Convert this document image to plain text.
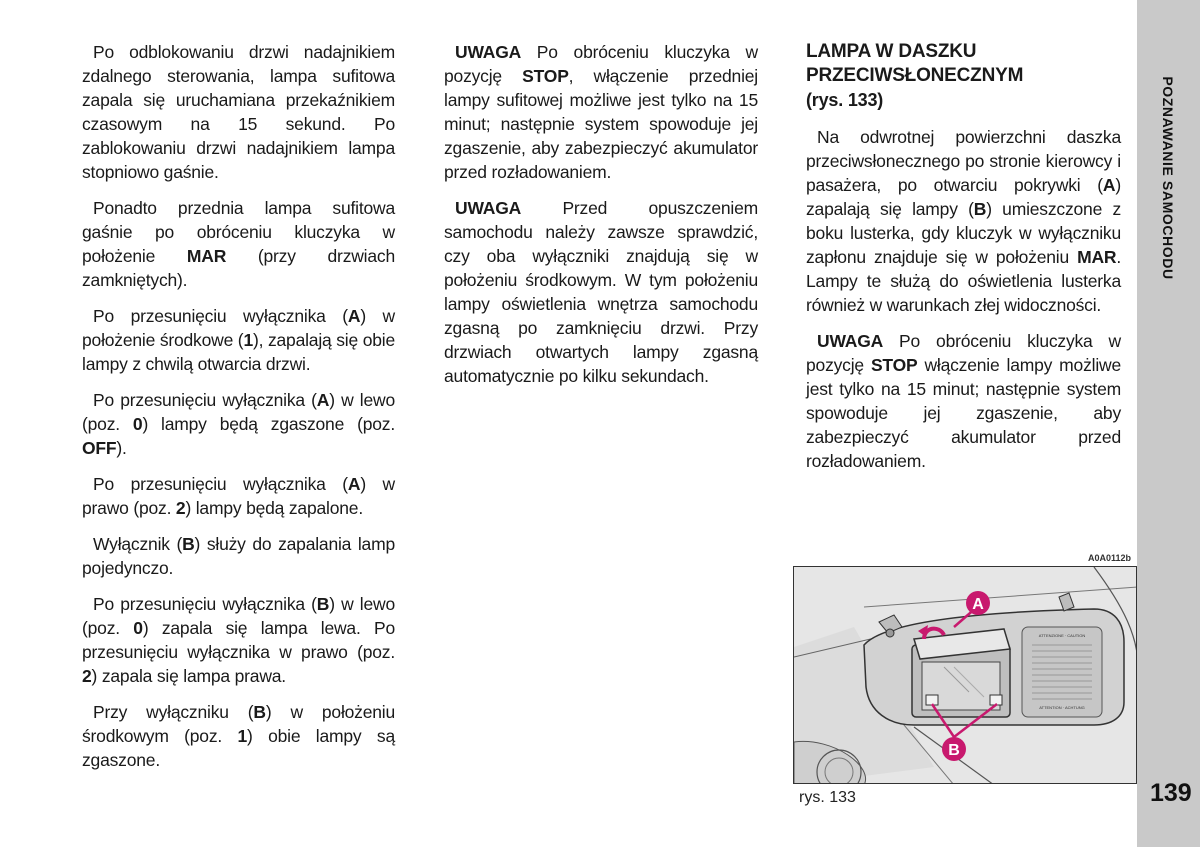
Po odblokowaniu drzwi nadajnikiem zdalnego sterowania, lampa sufitowa zapala się uruchamiana przekaźnikiem czasowym na 15 sekund. Po zablokowaniu drzwi nadajnikiem lampa stopniowo gaśnie.

Ponadto przednia lampa sufitowa gaśnie po obróceniu kluczyka w położenie MAR (przy drzwiach zamkniętych).

Po przesunięciu wyłącznika (A) w położenie środkowe (1), zapalają się obie lampy z chwilą otwarcia drzwi.

Po przesunięciu wyłącznika (A) w lewo (poz. 0) lampy będą zgaszone (poz. OFF).

Po przesunięciu wyłącznika (A) w prawo (poz. 2) lampy będą zapalone.

Wyłącznik (B) służy do zapalania lamp pojedynczo.

Po przesunięciu wyłącznika (B) w lewo (poz. 0) zapala się lampa lewa. Po przesunięciu wyłącznika w prawo (poz. 2) zapala się lampa prawa.

Przy wyłączniku (B) w położeniu środkowym (poz. 1) obie lampy są zgaszone.

UWAGA Po obróceniu kluczyka w pozycję STOP, włączenie przedniej lampy sufitowej możliwe jest tylko na 15 minut; następnie system spowoduje jej zgaszenie, aby zabezpieczyć akumulator przed rozładowaniem.

UWAGA Przed opuszczeniem samochodu należy zawsze sprawdzić, czy oba wyłączniki znajdują się w położeniu środkowym. W tym położeniu lampy oświetlenia wnętrza samochodu zgasną po zamknięciu drzwi. Przy drzwiach otwartych lampy zgasną automatycznie po kilku sekundach.

LAMPA W DASZKU
PRZECIWSŁONECZNYM
(rys. 133)

Na odwrotnej powierzchni daszka przeciwsłonecznego po stronie kierowcy i pasażera, po otwarciu pokrywki (A) zapalają się lampy (B) umieszczone z boku lusterka, gdy kluczyk w wyłączniku zapłonu znajduje się w położeniu MAR. Lampy te służą do oświetlenia lusterka również w warunkach złej widoczności.

UWAGA Po obróceniu kluczyka w pozycję STOP włączenie lampy możliwe jest tylko na 15 minut; następnie system spowoduje jej zgaszenie, aby zabezpieczyć akumulator przed rozładowaniem.

A0A0112b
ATTENZIONE · CAUTION
ATTENTION · ACHTUNG
A
B
rys. 133
POZNAWANIE SAMOCHODU
139
